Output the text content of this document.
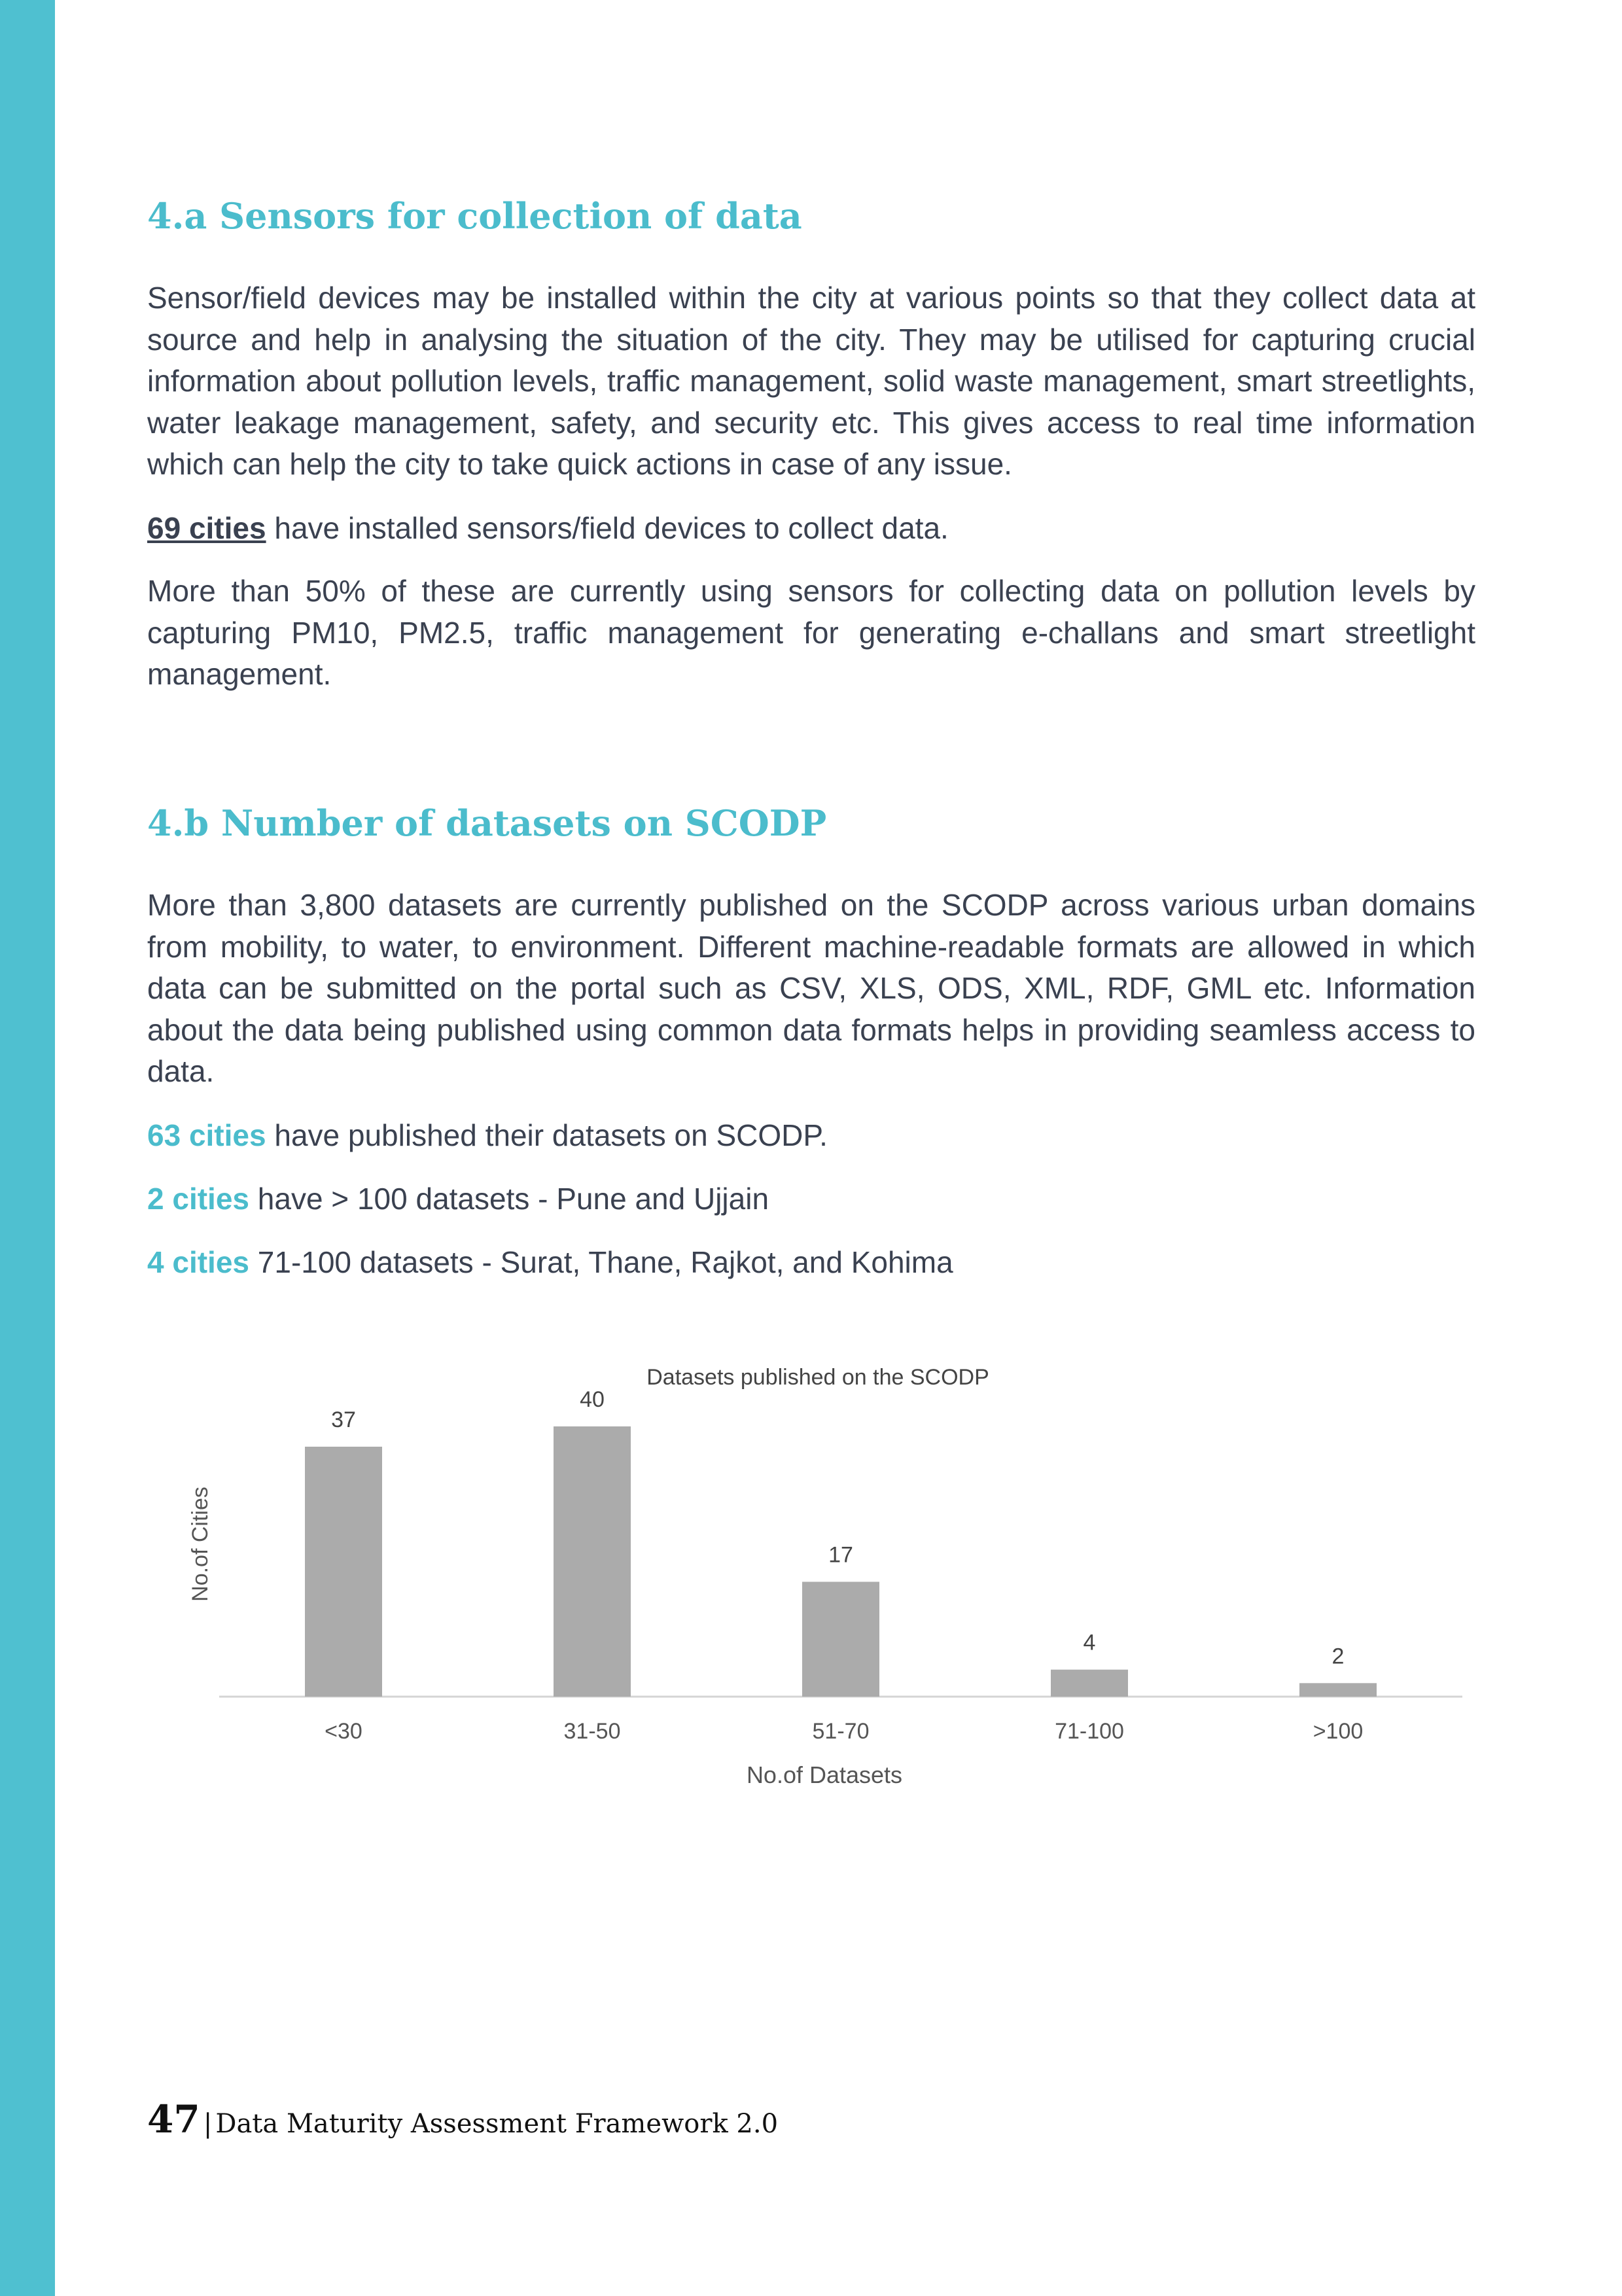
4.a Sensors for collection of data

Sensor/field devices may be installed within the city at various points so that they collect data at source and help in analysing the situation of the city. They may be utilised for capturing crucial information about pollution levels, traffic management, solid waste management, smart streetlights, water leakage management, safety, and security etc. This gives access to real time information which can help the city to take quick actions in case of any issue.

69 cities have installed sensors/field devices to collect data.

More than 50% of these are currently using sensors for collecting data on pollution levels by capturing PM10, PM2.5, traffic management for generating e-challans and smart streetlight management.

4.b Number of datasets on SCODP

More than 3,800 datasets are currently published on the SCODP across various urban domains from mobility, to water, to environment. Different machine-readable formats are allowed in which data can be submitted on the portal such as CSV, XLS, ODS, XML, RDF, GML etc. Information about the data being published using common data formats helps in providing seamless access to data.

63 cities have published their datasets on SCODP.

2 cities have > 100 datasets - Pune and Ujjain

4 cities 71-100 datasets - Surat, Thane, Rajkot, and Kohima

Datasets published on the SCODP
No.of Cities
No.of Datasets
37
<30
40
31-50
17
51-70
4
71-100
2
>100
47 | Data Maturity Assessment Framework 2.0
